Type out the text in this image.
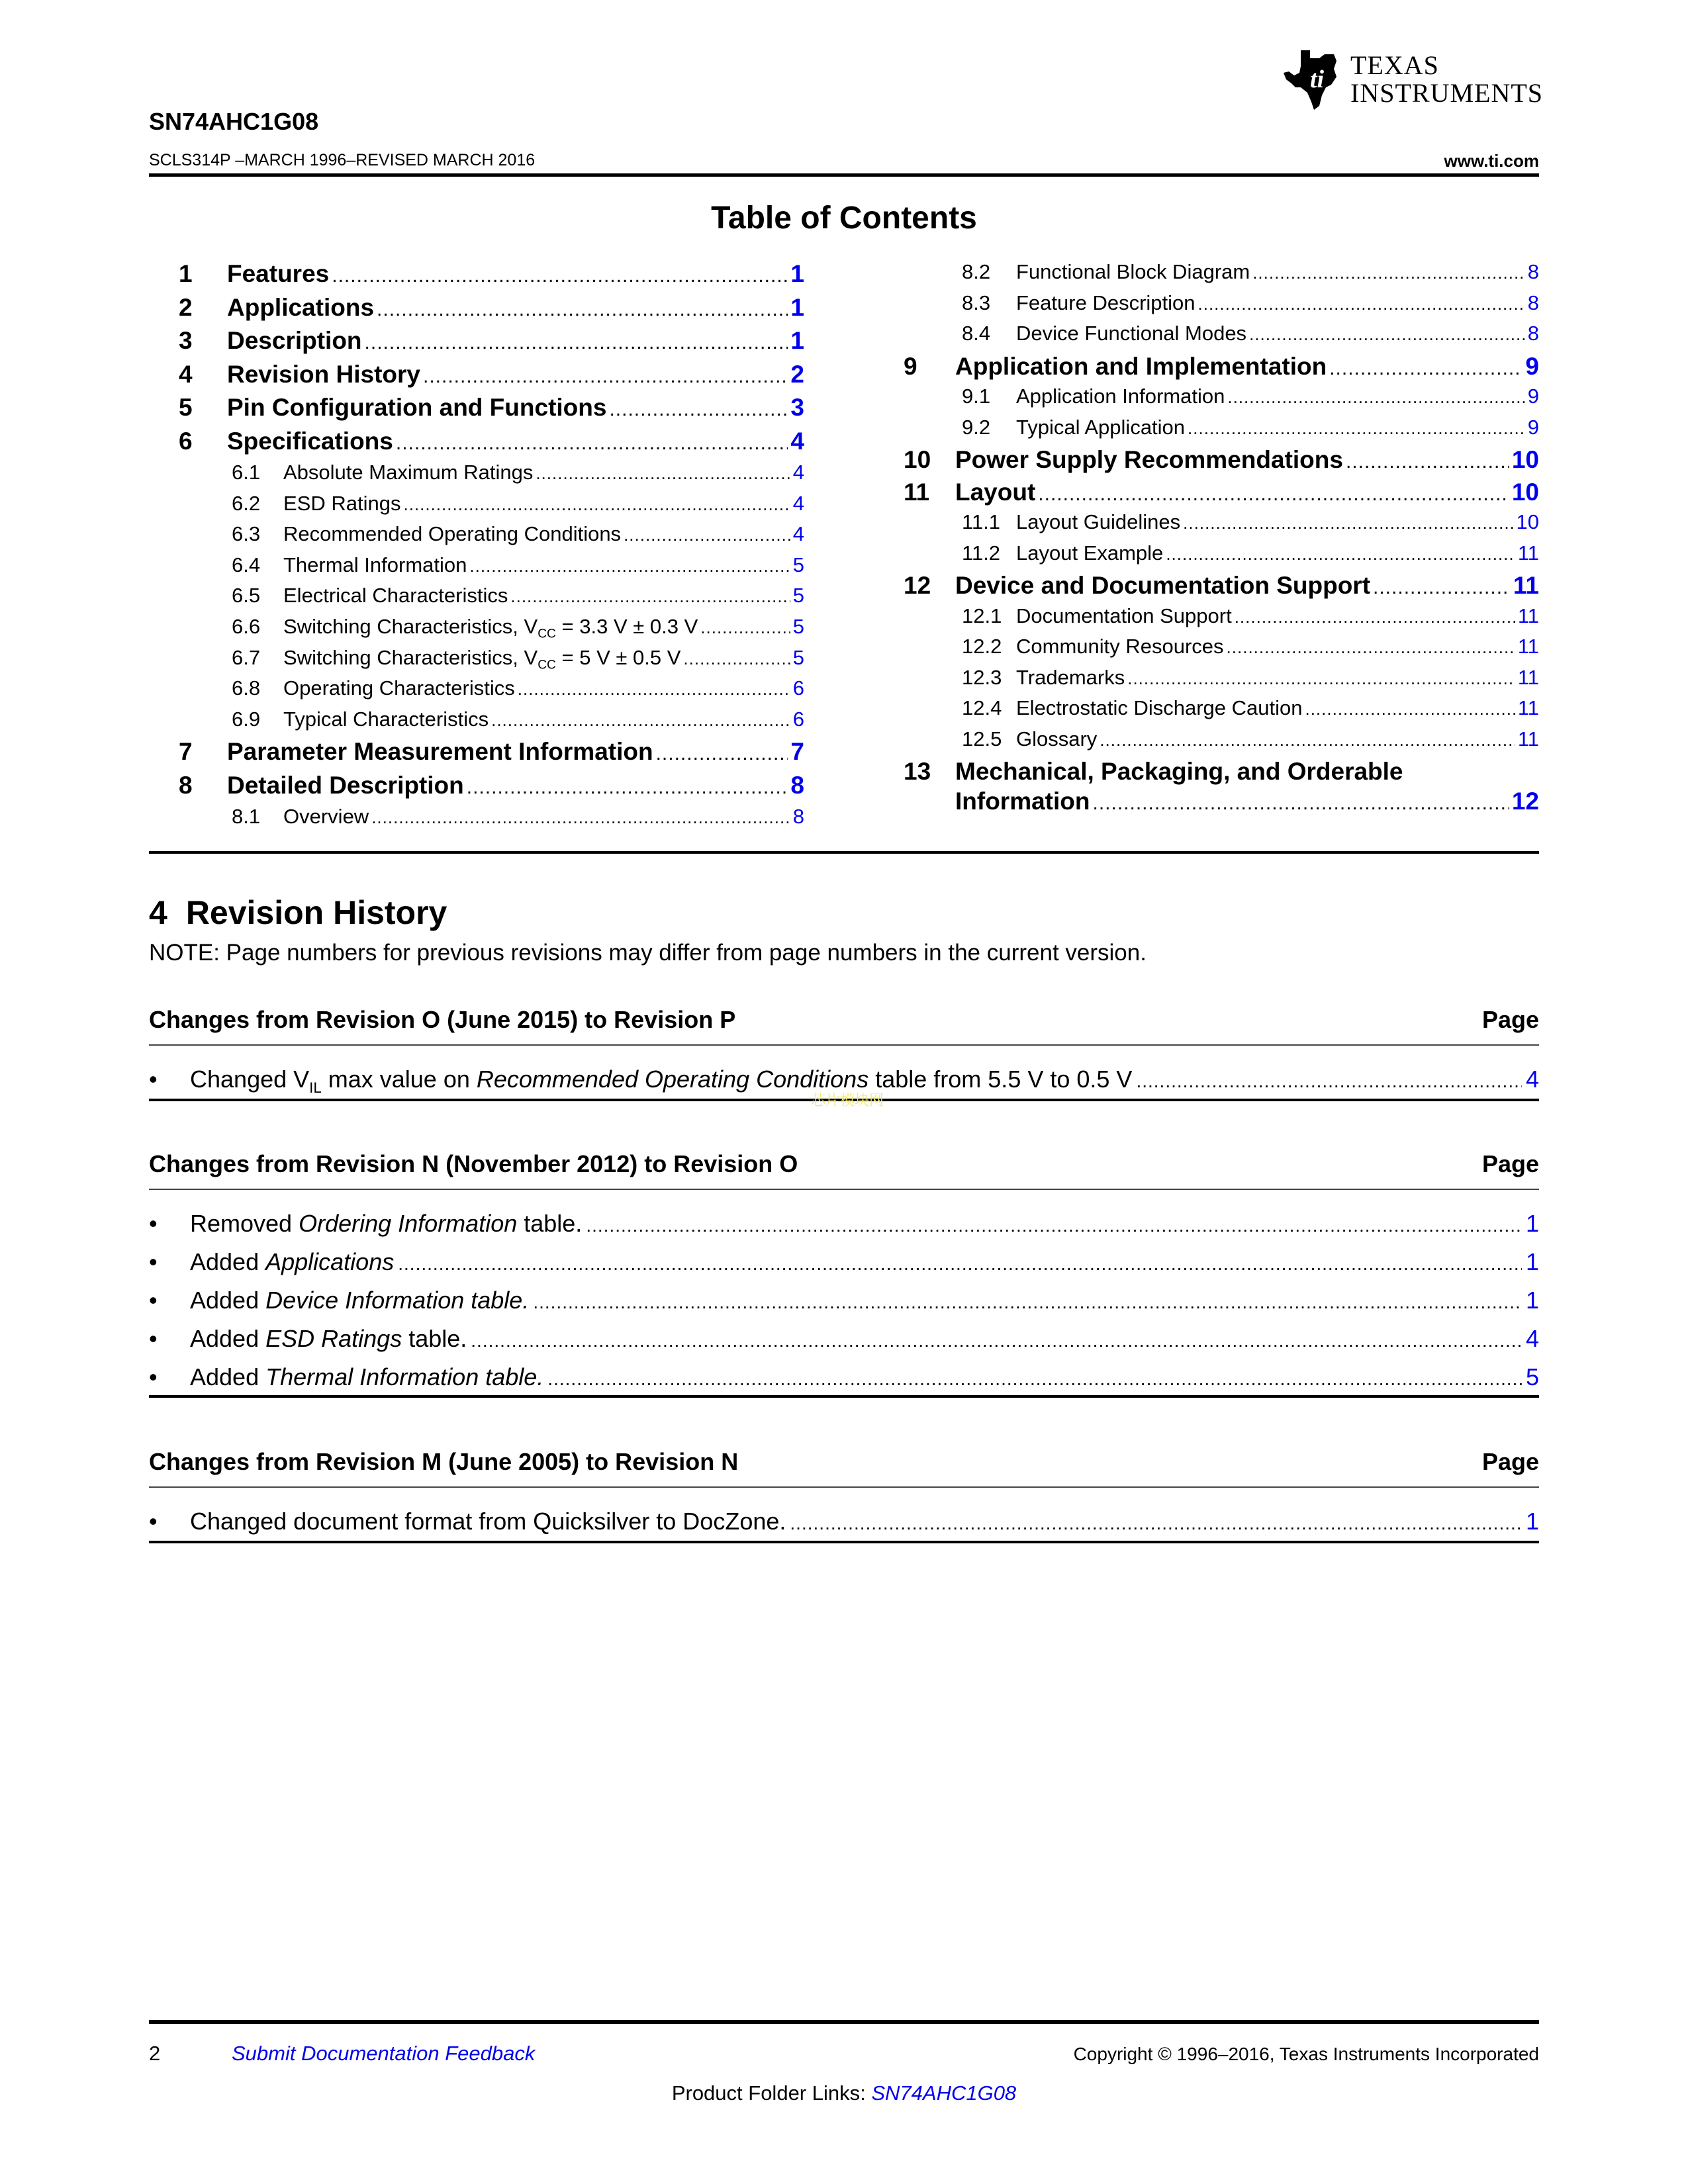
ti TEXAS
INSTRUMENTS
SN74AHC1G08
SCLS314P –MARCH 1996–REVISED MARCH 2016	www.ti.com
Table of Contents
1	Features .....	1
2	Applications .....	1
3	Description .....	1
4	Revision History .....	2
5	Pin Configuration and Functions .....	3
6	Specifications .....	4
6.1	Absolute Maximum Ratings .....	4
6.2	ESD Ratings .....	4
6.3	Recommended Operating Conditions .....	4
6.4	Thermal Information .....	5
6.5	Electrical Characteristics .....	5
6.6	Switching Characteristics, $V_{CC} = 3.3$ V ± 0.3 V .....	5
6.7	Switching Characteristics, $V_{CC} = 5$ V ± 0.5 V .....	5
6.8	Operating Characteristics .....	6
6.9	Typical Characteristics .....	6
7	Parameter Measurement Information .....	7
8	Detailed Description .....	8
8.1	Overview .....	8
8.2	Functional Block Diagram .....	8
8.3	Feature Description .....	8
8.4	Device Functional Modes .....	8
9	Application and Implementation .....	9
9.1	Application Information .....	9
9.2	Typical Application .....	9
10 Power Supply Recommendations .....	10
11	Layout .....	10
11.1 Layout Guidelines .....	10
11.2 Layout Example .....	11
12 Device and Documentation Support .....	11
12.1 Documentation Support .....	11
12.2 Community Resources .....	11
12.3 Trademarks .....	11
12.4 Electrostatic Discharge Caution .....	11
12.5 Glossary .....	11
13 Mechanical, Packaging, and Orderable
Information .....	12
4 Revision History
NOTE: Page numbers for previous revisions may differ from page numbers in the current version.
Changes from Revision O (June 2015) to Revision P	Page
•	Changed $V_{IL}$ max value on Recommended Operating Conditions table from 5.5 V to 0.5 V .....	4
Changes from Revision N (November 2012) to Revision O	Page
•	Removed Ordering Information table. .....	1
•	Added Applications .....	1
•	Added Device Information table. .....	1
•	Added ESD Ratings table. .....	4
•	Added Thermal Information table. .....	5
Changes from Revision M (June 2005) to Revision N	Page
•	Changed document format from Quicksilver to DocZone. .....	1
芯片模块网
2	Submit Documentation Feedback	Copyright © 1996–2016, Texas Instruments Incorporated
Product Folder Links: SN74AHC1G08
